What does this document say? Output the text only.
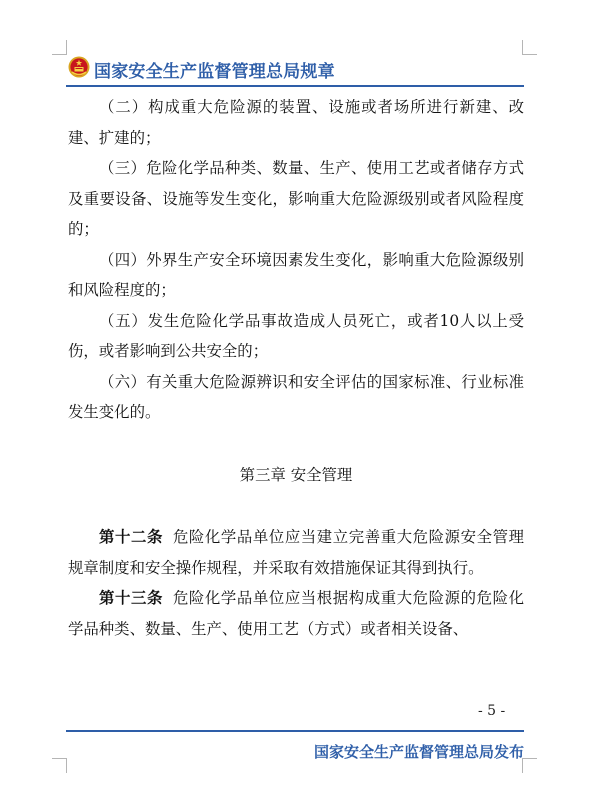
国家安全生产监督管理总局规章

（二）构成重大危险源的装置、设施或者场所进行新建、改建、扩建的；

（三）危险化学品种类、数量、生产、使用工艺或者储存方式及重要设备、设施等发生变化，影响重大危险源级别或者风险程度的；

（四）外界生产安全环境因素发生变化，影响重大危险源级别和风险程度的；

（五）发生危险化学品事故造成人员死亡，或者10人以上受伤，或者影响到公共安全的；

（六）有关重大危险源辨识和安全评估的国家标准、行业标准发生变化的。

第三章 安全管理

第十二条 危险化学品单位应当建立完善重大危险源安全管理规章制度和安全操作规程，并采取有效措施保证其得到执行。

第十三条 危险化学品单位应当根据构成重大危险源的危险化学品种类、数量、生产、使用工艺（方式）或者相关设备、

- 5 -
国家安全生产监督管理总局发布
